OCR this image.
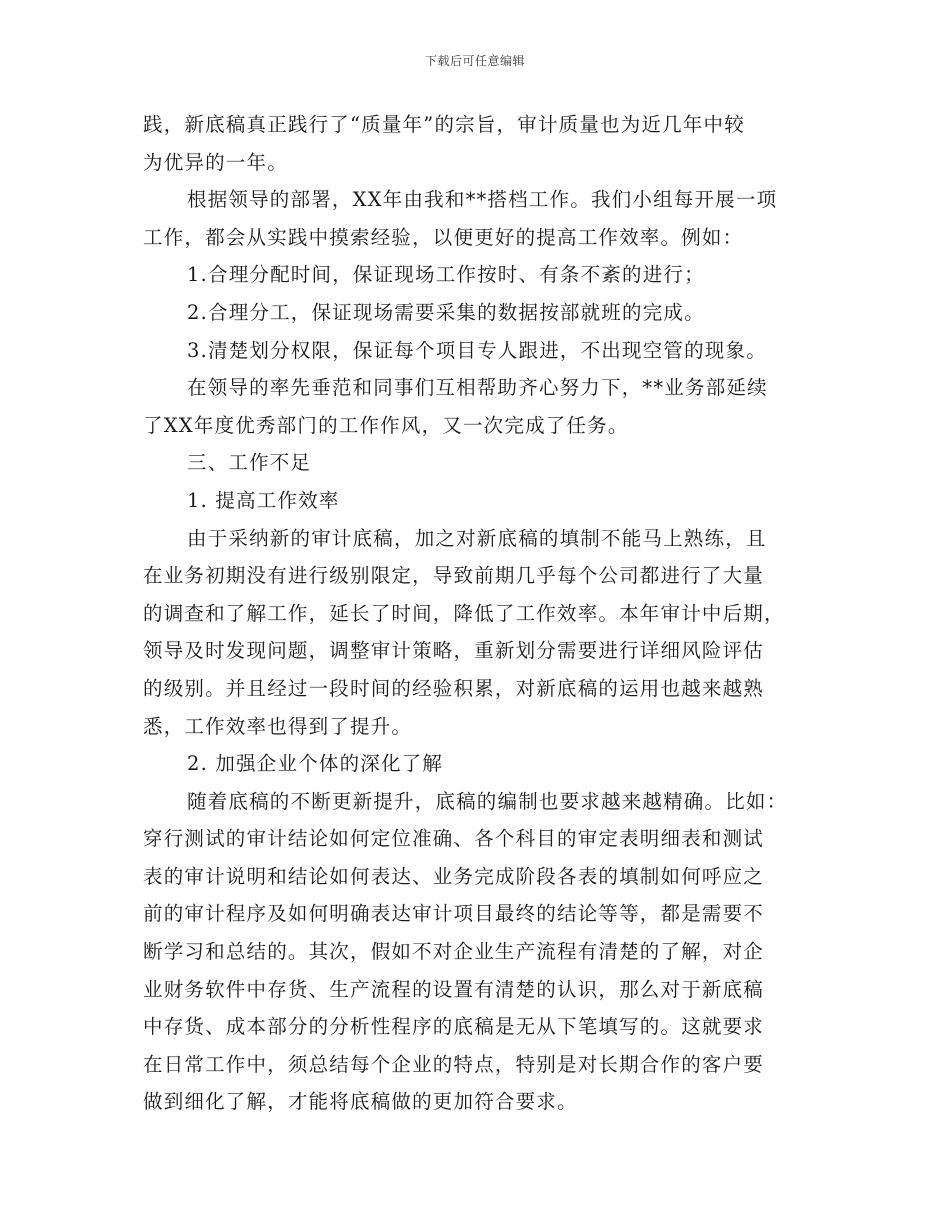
下载后可任意编辑
践，新底稿真正践行了“质量年”的宗旨，审计质量也为近几年中较
为优异的一年。
根据领导的部署，XX年由我和**搭档工作。我们小组每开展一项
工作，都会从实践中摸索经验，以便更好的提高工作效率。例如：
1.合理分配时间，保证现场工作按时、有条不紊的进行；
2.合理分工，保证现场需要采集的数据按部就班的完成。
3.清楚划分权限，保证每个项目专人跟进，不出现空管的现象。
在领导的率先垂范和同事们互相帮助齐心努力下，**业务部延续
了XX年度优秀部门的工作作风，又一次完成了任务。
三、工作不足
1. 提高工作效率
由于采纳新的审计底稿，加之对新底稿的填制不能马上熟练，且
在业务初期没有进行级别限定，导致前期几乎每个公司都进行了大量
的调查和了解工作，延长了时间，降低了工作效率。本年审计中后期，
领导及时发现问题，调整审计策略，重新划分需要进行详细风险评估
的级别。并且经过一段时间的经验积累，对新底稿的运用也越来越熟
悉，工作效率也得到了提升。
2. 加强企业个体的深化了解
随着底稿的不断更新提升，底稿的编制也要求越来越精确。比如：
穿行测试的审计结论如何定位准确、各个科目的审定表明细表和测试
表的审计说明和结论如何表达、业务完成阶段各表的填制如何呼应之
前的审计程序及如何明确表达审计项目最终的结论等等，都是需要不
断学习和总结的。其次，假如不对企业生产流程有清楚的了解，对企
业财务软件中存货、生产流程的设置有清楚的认识，那么对于新底稿
中存货、成本部分的分析性程序的底稿是无从下笔填写的。这就要求
在日常工作中，须总结每个企业的特点，特别是对长期合作的客户要
做到细化了解，才能将底稿做的更加符合要求。
